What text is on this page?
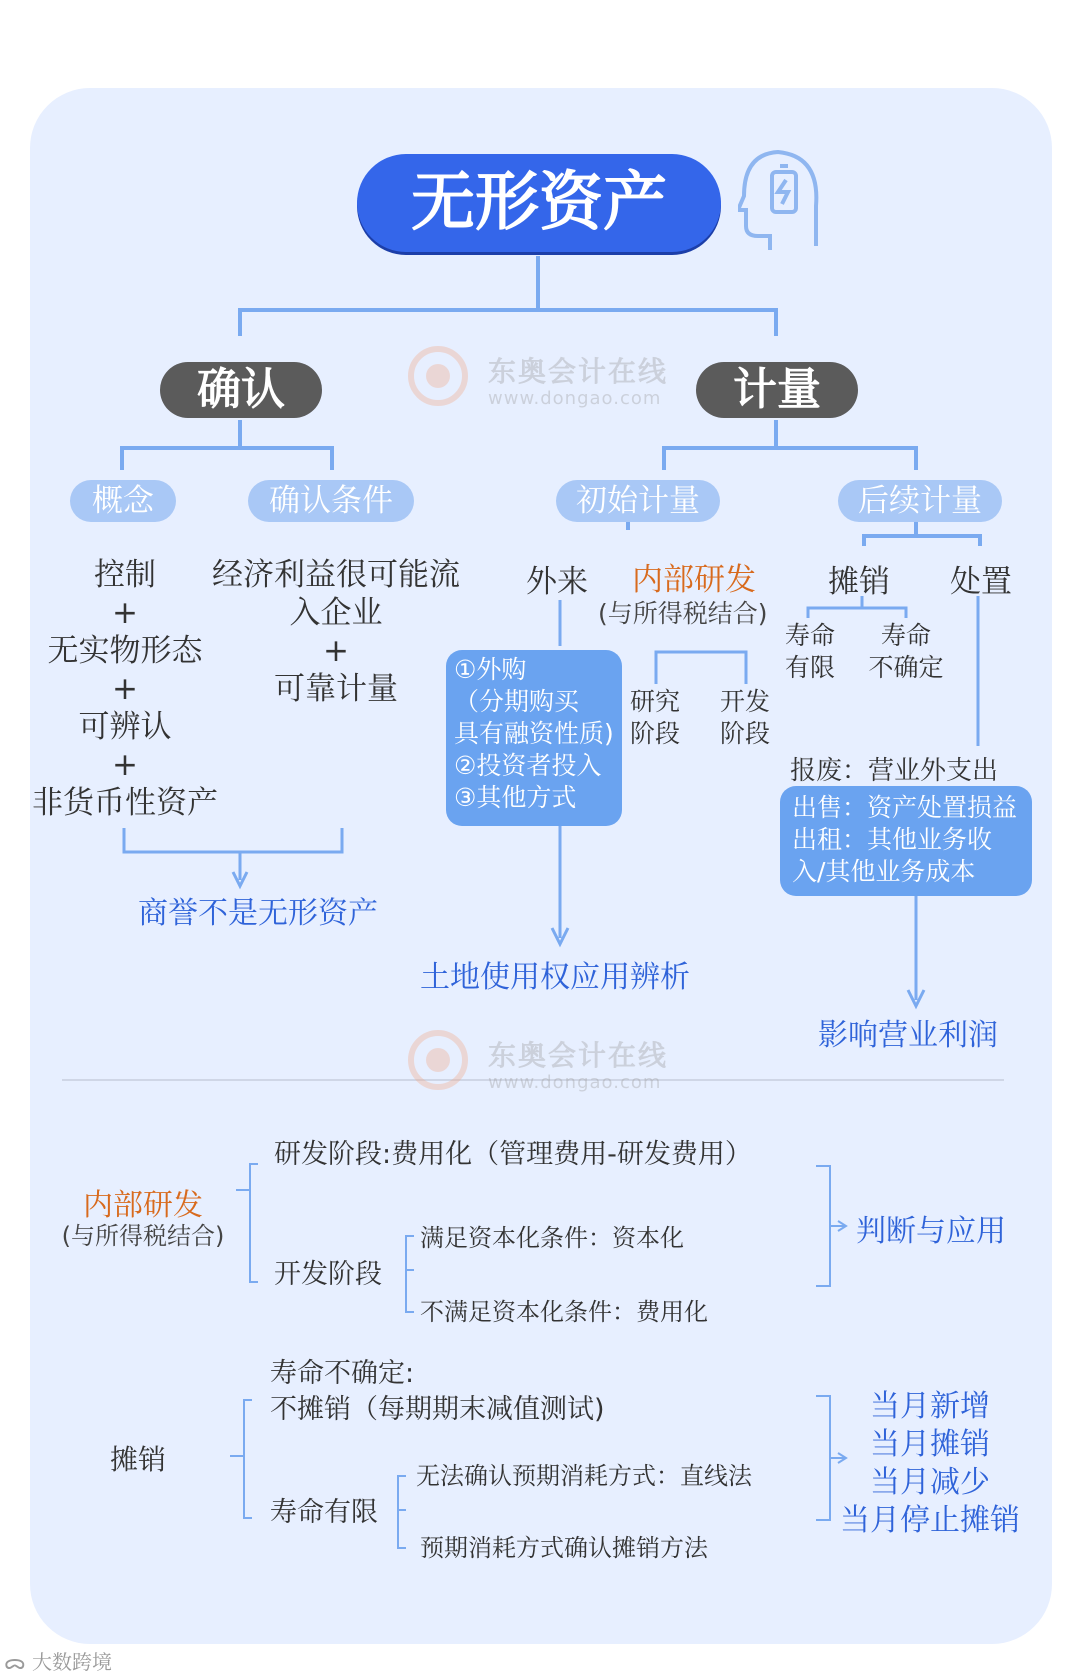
无形资产
东奥会计在线
www.dongao.com
东奥会计在线
www.dongao.com
确认	计量
概念	确认条件	初始计量	后续计量
控制
+
无实物形态
+
可辨认
+
非货币性资产
经济利益很可能流
入企业
+
可靠计量
商誉不是无形资产
外来 内部研发
(与所得税结合)
①外购
（分期购买
具有融资性质)
②投资者投入
③其他方式
研究
阶段
开发
阶段
土地使用权应用辨析
摊销 处置
寿命
有限
寿命
不确定
报废：营业外支出
出售：资产处置损益
出租：其他业务收
入/其他业务成本
影响营业利润
内部研发
(与所得税结合)
研发阶段:费用化（管理费用-研发费用）
开发阶段
满足资本化条件：资本化
不满足资本化条件：费用化
判断与应用
摊销
寿命不确定:
不摊销（每期期末减值测试)
寿命有限
无法确认预期消耗方式：直线法
预期消耗方式确认摊销方法
当月新增
当月摊销
当月减少
当月停止摊销
ᯅ 大数跨境
